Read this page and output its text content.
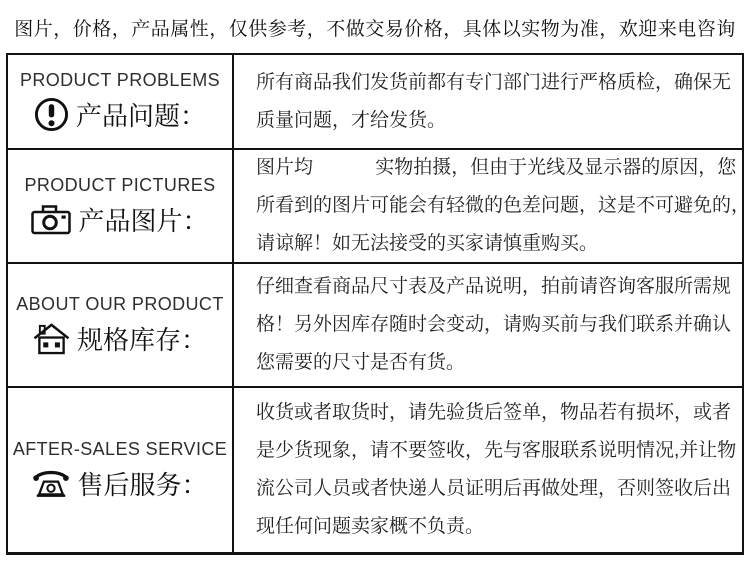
图片，价格，产品属性，仅供参考，不做交易价格，具体以实物为准，欢迎来电咨询
PRODUCT PROBLEMS
产品问题：
所有商品我们发货前都有专门部门进行严格质检，确保无
质量问题，才给发货。
PRODUCT PICTURES
产品图片：
图片均　　　 实物拍摄，但由于光线及显示器的原因，您
所看到的图片可能会有轻微的色差问题，这是不可避免的，
请谅解！如无法接受的买家请慎重购买。
ABOUT OUR PRODUCT
规格库存：
仔细查看商品尺寸表及产品说明，拍前请咨询客服所需规
格！另外因库存随时会变动，请购买前与我们联系并确认
您需要的尺寸是否有货。
AFTER-SALES SERVICE
售后服务：
收货或者取货时，请先验货后签单，物品若有损坏，或者
是少货现象，请不要签收，先与客服联系说明情况,并让物
流公司人员或者快递人员证明后再做处理，否则签收后出
现任何问题卖家概不负责。
